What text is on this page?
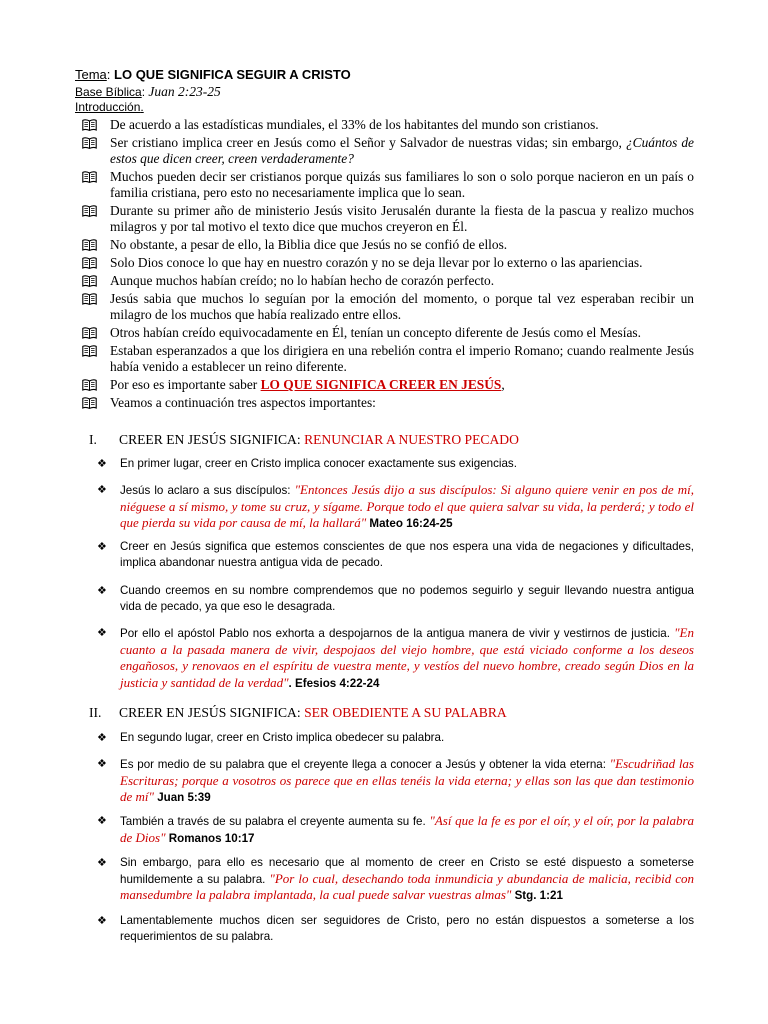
Tema: LO QUE SIGNIFICA SEGUIR A CRISTO
Base Bíblica: Juan 2:23-25
Introducción.
De acuerdo a las estadísticas mundiales, el 33% de los habitantes del mundo son cristianos.
Ser cristiano implica creer en Jesús como el Señor y Salvador de nuestras vidas; sin embargo, ¿Cuántos de estos que dicen creer, creen verdaderamente?
Muchos pueden decir ser cristianos porque quizás sus familiares lo son o solo porque nacieron en un país o familia cristiana, pero esto no necesariamente implica que lo sean.
Durante su primer año de ministerio Jesús visito Jerusalén durante la fiesta de la pascua y realizo muchos milagros y por tal motivo el texto dice que muchos creyeron en Él.
No obstante, a pesar de ello, la Biblia dice que Jesús no se confió de ellos.
Solo Dios conoce lo que hay en nuestro corazón y no se deja llevar por lo externo o las apariencias.
Aunque muchos habían creído; no lo habían hecho de corazón perfecto.
Jesús sabia que muchos lo seguían por la emoción del momento, o porque tal vez esperaban recibir un milagro de los muchos que había realizado entre ellos.
Otros habían creído equivocadamente en Él, tenían un concepto diferente de Jesús como el Mesías.
Estaban esperanzados a que los dirigiera en una rebelión contra el imperio Romano; cuando realmente Jesús había venido a establecer un reino diferente.
Por eso es importante saber LO QUE SIGNIFICA CREER EN JESÚS,
Veamos a continuación tres aspectos importantes:
I. CREER EN JESÚS SIGNIFICA: RENUNCIAR A NUESTRO PECADO
❖	En primer lugar, creer en Cristo implica conocer exactamente sus exigencias.
❖	Jesús lo aclaro a sus discípulos: "Entonces Jesús dijo a sus discípulos: Si alguno quiere venir en pos de mí, niéguese a sí mismo, y tome su cruz, y sígame. Porque todo el que quiera salvar su vida, la perderá; y todo el que pierda su vida por causa de mí, la hallará" Mateo 16:24-25
❖	Creer en Jesús significa que estemos conscientes de que nos espera una vida de negaciones y dificultades, implica abandonar nuestra antigua vida de pecado.
❖	Cuando creemos en su nombre comprendemos que no podemos seguirlo y seguir llevando nuestra antigua vida de pecado, ya que eso le desagrada.
❖	Por ello el apóstol Pablo nos exhorta a despojarnos de la antigua manera de vivir y vestirnos de justicia. "En cuanto a la pasada manera de vivir, despojaos del viejo hombre, que está viciado conforme a los deseos engañosos, y renovaos en el espíritu de vuestra mente, y vestíos del nuevo hombre, creado según Dios en la justicia y santidad de la verdad". Efesios 4:22-24
II. CREER EN JESÚS SIGNIFICA: SER OBEDIENTE A SU PALABRA
❖	En segundo lugar, creer en Cristo implica obedecer su palabra.
❖	Es por medio de su palabra que el creyente llega a conocer a Jesús y obtener la vida eterna: "Escudriñad las Escrituras; porque a vosotros os parece que en ellas tenéis la vida eterna; y ellas son las que dan testimonio de mí" Juan 5:39
❖	También a través de su palabra el creyente aumenta su fe. "Así que la fe es por el oír, y el oír, por la palabra de Dios" Romanos 10:17
❖	Sin embargo, para ello es necesario que al momento de creer en Cristo se esté dispuesto a someterse humildemente a su palabra. "Por lo cual, desechando toda inmundicia y abundancia de malicia, recibid con mansedumbre la palabra implantada, la cual puede salvar vuestras almas" Stg. 1:21
❖	Lamentablemente muchos dicen ser seguidores de Cristo, pero no están dispuestos a someterse a los requerimientos de su palabra.
